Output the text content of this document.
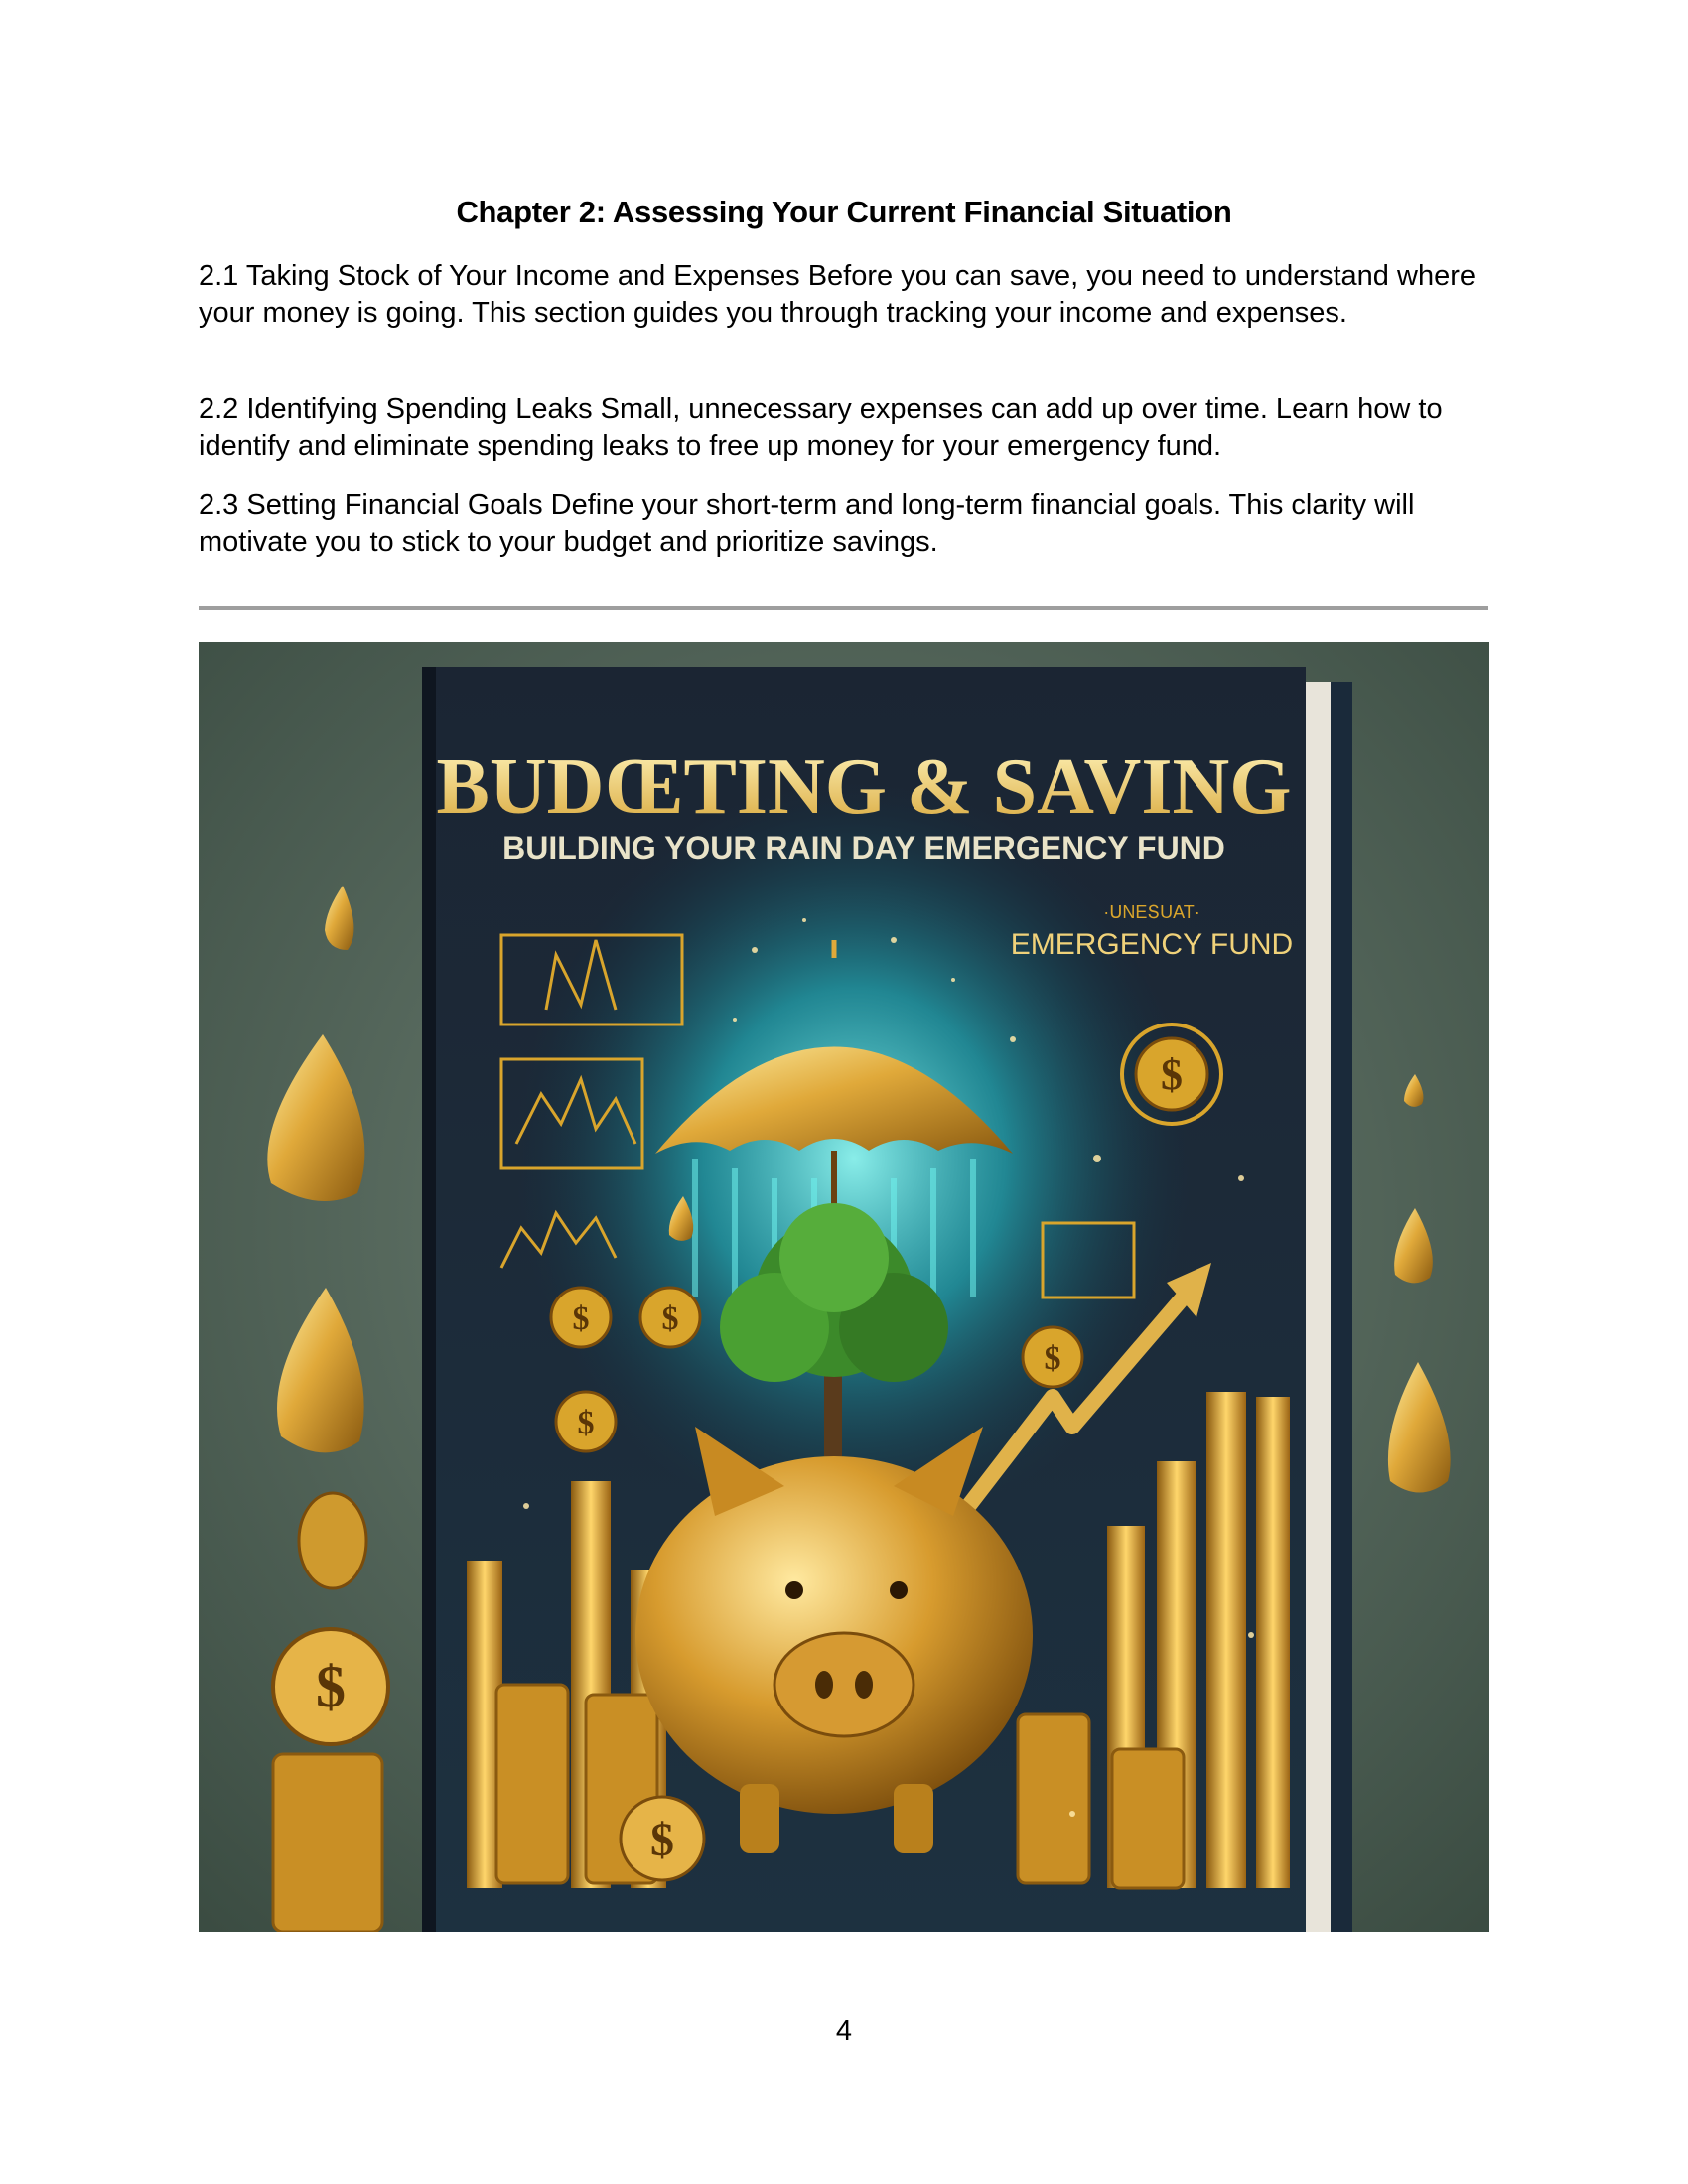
Chapter 2: Assessing Your Current Financial Situation

2.1 Taking Stock of Your Income and Expenses Before you can save, you need to understand where your money is going. This section guides you through tracking your income and expenses.

2.2 Identifying Spending Leaks Small, unnecessary expenses can add up over time. Learn how to identify and eliminate spending leaks to free up money for your emergency fund.

2.3 Setting Financial Goals Define your short-term and long-term financial goals. This clarity will motivate you to stick to your budget and prioritize savings.

BUDŒTING & SAVING
BUILDING YOUR RAIN DAY EMERGENCY FUND
·ՍNEՏUAT·
EMERGENCY FUND
$ $
$
$
$
$
$
4
